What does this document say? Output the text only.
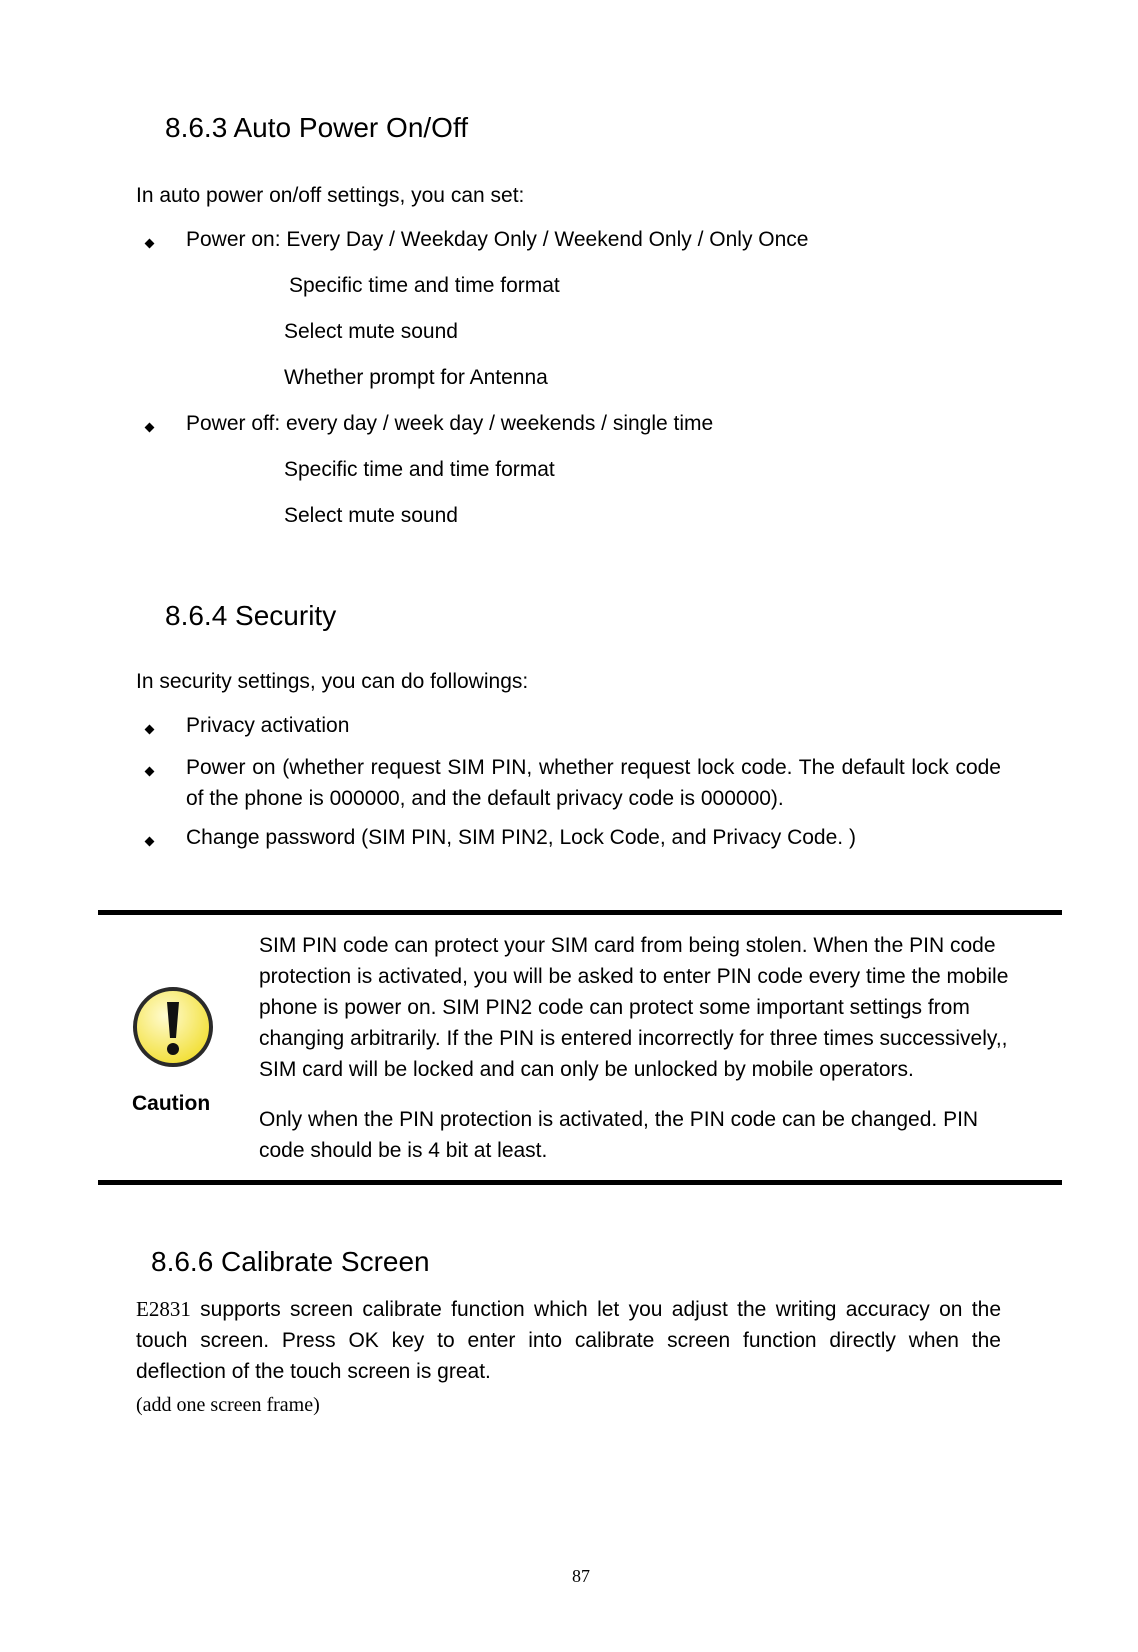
8.6.3 Auto Power On/Off
In auto power on/off settings, you can set:
Power on: Every Day / Weekday Only / Weekend Only / Only Once
Specific time and time format
Select mute sound
Whether prompt for Antenna
Power off: every day / week day / weekends / single time
Specific time and time format
Select mute sound
8.6.4 Security
In security settings, you can do followings:
Privacy activation
Power on (whether request SIM PIN, whether request lock code. The default lock code of the phone is 000000, and the default privacy code is 000000).
Change password (SIM PIN, SIM PIN2, Lock Code, and Privacy Code. )
Caution
SIM PIN code can protect your SIM card from being stolen. When the PIN code protection is activated, you will be asked to enter PIN code every time the mobile phone is power on. SIM PIN2 code can protect some important settings from changing arbitrarily. If the PIN is entered incorrectly for three times successively,, SIM card will be locked and can only be unlocked by mobile operators.
Only when the PIN protection is activated, the PIN code can be changed. PIN code should be is 4 bit at least.
8.6.6 Calibrate Screen
E2831 supports screen calibrate function which let you adjust the writing accuracy on the touch screen. Press OK key to enter into calibrate screen function directly when the deflection of the touch screen is great.
(add one screen frame)
87
